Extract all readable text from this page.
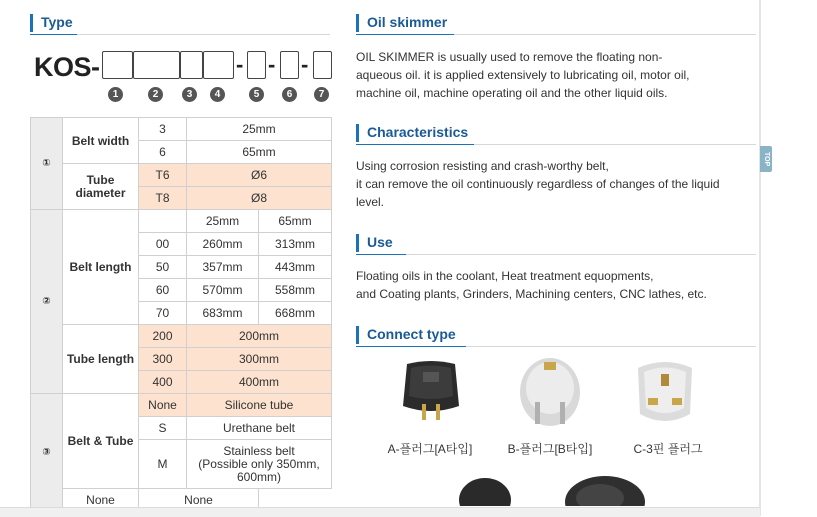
Type
KOS-	- - -
1	2	3	4	5	6	7
①	Belt width	3	25mm	
		6	65mm	
	Tube diameter	T6	Ø6	
		T8	Ø8	
②	Belt length		25mm	65mm
		00	260mm	313mm
		50	357mm	443mm
		60	570mm	558mm
		70	683mm	668mm
	Tube length	200	200mm	
		300	300mm	
		400	400mm	
③	Belt & Tube	None	Silicone tube	
		S	Urethane belt	
		M	Stainless belt
(Possible only 350mm,
600mm)	
	None	None		
Oil skimmer
OIL SKIMMER is usually used to remove the floating non-
aqueous oil. it is applied extensively to lubricating oil, motor oil,
machine oil, machine operating oil and the other liquid oils.
Characteristics
Using corrosion resisting and crash-worthy belt,
it can remove the oil continuously regardless of changes of the liquid
level.
Use
Floating oils in the coolant, Heat treatment equopments,
and Coating plants, Grinders, Machining centers, CNC lathes, etc.
Connect type
A-플러그[A타입]	B-플러그[B타입]	C-3핀 플러그
TOP
